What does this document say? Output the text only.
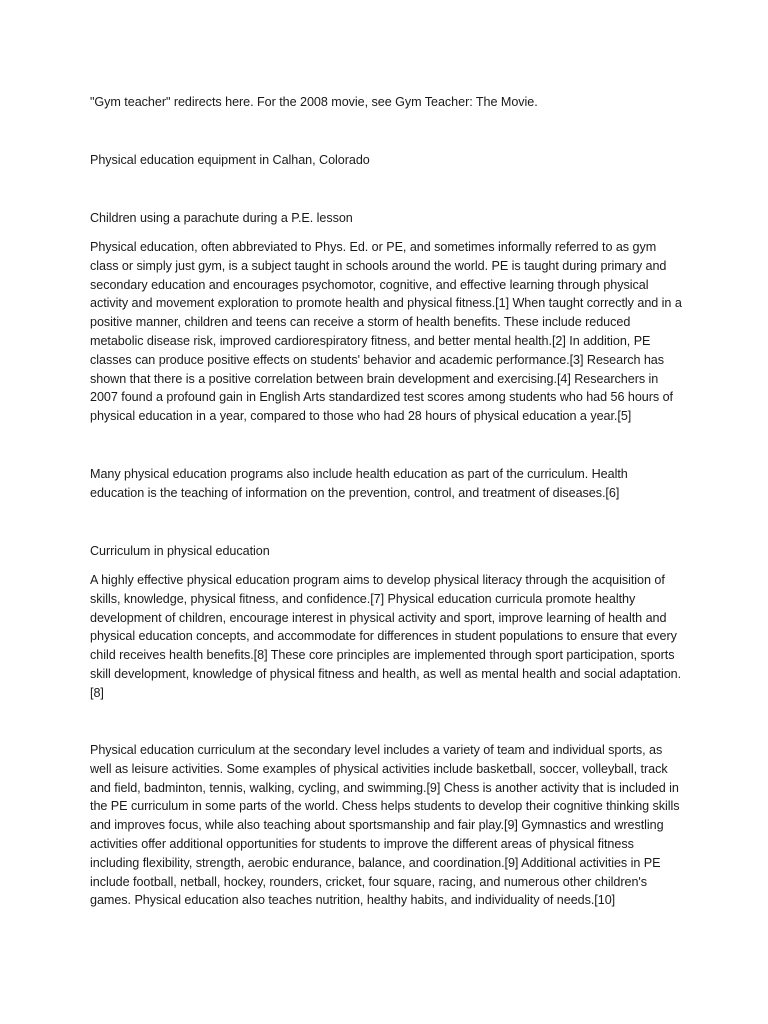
"Gym teacher" redirects here. For the 2008 movie, see Gym Teacher: The Movie.

Physical education equipment in Calhan, Colorado

Children using a parachute during a P.E. lesson

Physical education, often abbreviated to Phys. Ed. or PE, and sometimes informally referred to as gym class or simply just gym, is a subject taught in schools around the world. PE is taught during primary and secondary education and encourages psychomotor, cognitive, and effective learning through physical activity and movement exploration to promote health and physical fitness.[1] When taught correctly and in a positive manner, children and teens can receive a storm of health benefits. These include reduced metabolic disease risk, improved cardiorespiratory fitness, and better mental health.[2] In addition, PE classes can produce positive effects on students' behavior and academic performance.[3] Research has shown that there is a positive correlation between brain development and exercising.[4] Researchers in 2007 found a profound gain in English Arts standardized test scores among students who had 56 hours of physical education in a year, compared to those who had 28 hours of physical education a year.[5]

Many physical education programs also include health education as part of the curriculum. Health education is the teaching of information on the prevention, control, and treatment of diseases.[6]

Curriculum in physical education

A highly effective physical education program aims to develop physical literacy through the acquisition of skills, knowledge, physical fitness, and confidence.[7] Physical education curricula promote healthy development of children, encourage interest in physical activity and sport, improve learning of health and physical education concepts, and accommodate for differences in student populations to ensure that every child receives health benefits.[8] These core principles are implemented through sport participation, sports skill development, knowledge of physical fitness and health, as well as mental health and social adaptation.[8]

Physical education curriculum at the secondary level includes a variety of team and individual sports, as well as leisure activities. Some examples of physical activities include basketball, soccer, volleyball, track and field, badminton, tennis, walking, cycling, and swimming.[9] Chess is another activity that is included in the PE curriculum in some parts of the world. Chess helps students to develop their cognitive thinking skills and improves focus, while also teaching about sportsmanship and fair play.[9] Gymnastics and wrestling activities offer additional opportunities for students to improve the different areas of physical fitness including flexibility, strength, aerobic endurance, balance, and coordination.[9] Additional activities in PE include football, netball, hockey, rounders, cricket, four square, racing, and numerous other children's games. Physical education also teaches nutrition, healthy habits, and individuality of needs.[10]
